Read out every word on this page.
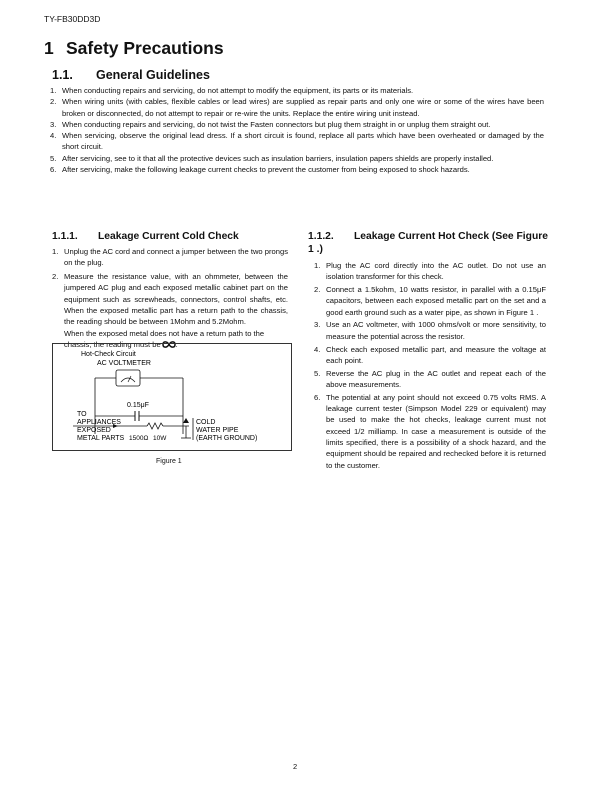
TY-FB30DD3D
1 Safety Precautions
1.1. General Guidelines
1. When conducting repairs and servicing, do not attempt to modify the equipment, its parts or its materials.
2. When wiring units (with cables, flexible cables or lead wires) are supplied as repair parts and only one wire or some of the wires have been broken or disconnected, do not attempt to repair or re-wire the units. Replace the entire wiring unit instead.
3. When conducting repairs and servicing, do not twist the Fasten connectors but plug them straight in or unplug them straight out.
4. When servicing, observe the original lead dress. If a short circuit is found, replace all parts which have been overheated or damaged by the short circuit.
5. After servicing, see to it that all the protective devices such as insulation barriers, insulation papers shields are properly installed.
6. After servicing, make the following leakage current checks to prevent the customer from being exposed to shock hazards.
1.1.1. Leakage Current Cold Check
1. Unplug the AC cord and connect a jumper between the two prongs on the plug.
2. Measure the resistance value, with an ohmmeter, between the jumpered AC plug and each exposed metallic cabinet part on the equipment such as screwheads, connectors, control shafts, etc. When the exposed metallic part has a return path to the chassis, the reading should be between 1Mohm and 5.2Mohm.
When the exposed metal does not have a return path to the chassis, the reading must be .
Hot-Check Circuit
AC VOLTMETER
0.15μF
TO
APPLIANCES
EXPOSED
METAL PARTS 1500Ω 10W
COLD
WATER PIPE
(EARTH GROUND)
Figure 1
1.1.2. Leakage Current Hot Check (See Figure 1 .)
1. Plug the AC cord directly into the AC outlet. Do not use an isolation transformer for this check.
2. Connect a 1.5kohm, 10 watts resistor, in parallel with a 0.15μF capacitors, between each exposed metallic part on the set and a good earth ground such as a water pipe, as shown in Figure 1 .
3. Use an AC voltmeter, with 1000 ohms/volt or more sensitivity, to measure the potential across the resistor.
4. Check each exposed metallic part, and measure the voltage at each point.
5. Reverse the AC plug in the AC outlet and repeat each of the above measurements.
6. The potential at any point should not exceed 0.75 volts RMS. A leakage current tester (Simpson Model 229 or equivalent) may be used to make the hot checks, leakage current must not exceed 1/2 milliamp. In case a measurement is outside of the limits specified, there is a possibility of a shock hazard, and the equipment should be repaired and rechecked before it is returned to the customer.
2
